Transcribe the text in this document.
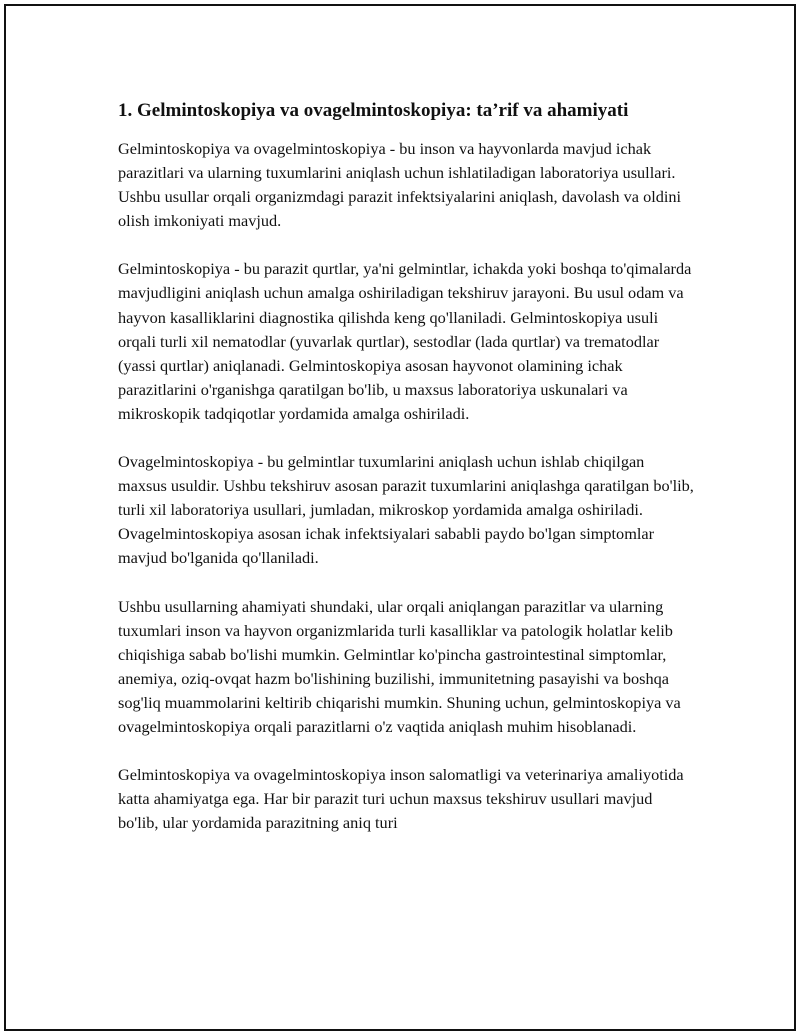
1. Gelmintoskopiya va ovagelmintoskopiya: ta’rif va ahamiyati

Gelmintoskopiya va ovagelmintoskopiya - bu inson va hayvonlarda mavjud ichak parazitlari va ularning tuxumlarini aniqlash uchun ishlatiladigan laboratoriya usullari. Ushbu usullar orqali organizmdagi parazit infektsiyalarini aniqlash, davolash va oldini olish imkoniyati mavjud.

Gelmintoskopiya - bu parazit qurtlar, ya'ni gelmintlar, ichakda yoki boshqa to'qimalarda mavjudligini aniqlash uchun amalga oshiriladigan tekshiruv jarayoni. Bu usul odam va hayvon kasalliklarini diagnostika qilishda keng qo'llaniladi. Gelmintoskopiya usuli orqali turli xil nematodlar (yuvarlak qurtlar), sestodlar (lada qurtlar) va trematodlar (yassi qurtlar) aniqlanadi. Gelmintoskopiya asosan hayvonot olamining ichak parazitlarini o'rganishga qaratilgan bo'lib, u maxsus laboratoriya uskunalari va mikroskopik tadqiqotlar yordamida amalga oshiriladi.

Ovagelmintoskopiya - bu gelmintlar tuxumlarini aniqlash uchun ishlab chiqilgan maxsus usuldir. Ushbu tekshiruv asosan parazit tuxumlarini aniqlashga qaratilgan bo'lib, turli xil laboratoriya usullari, jumladan, mikroskop yordamida amalga oshiriladi. Ovagelmintoskopiya asosan ichak infektsiyalari sababli paydo bo'lgan simptomlar mavjud bo'lganida qo'llaniladi.

Ushbu usullarning ahamiyati shundaki, ular orqali aniqlangan parazitlar va ularning tuxumlari inson va hayvon organizmlarida turli kasalliklar va patologik holatlar kelib chiqishiga sabab bo'lishi mumkin. Gelmintlar ko'pincha gastrointestinal simptomlar, anemiya, oziq-ovqat hazm bo'lishining buzilishi, immunitetning pasayishi va boshqa sog'liq muammolarini keltirib chiqarishi mumkin. Shuning uchun, gelmintoskopiya va ovagelmintoskopiya orqali parazitlarni o'z vaqtida aniqlash muhim hisoblanadi.

Gelmintoskopiya va ovagelmintoskopiya inson salomatligi va veterinariya amaliyotida katta ahamiyatga ega. Har bir parazit turi uchun maxsus tekshiruv usullari mavjud bo'lib, ular yordamida parazitning aniq turi
